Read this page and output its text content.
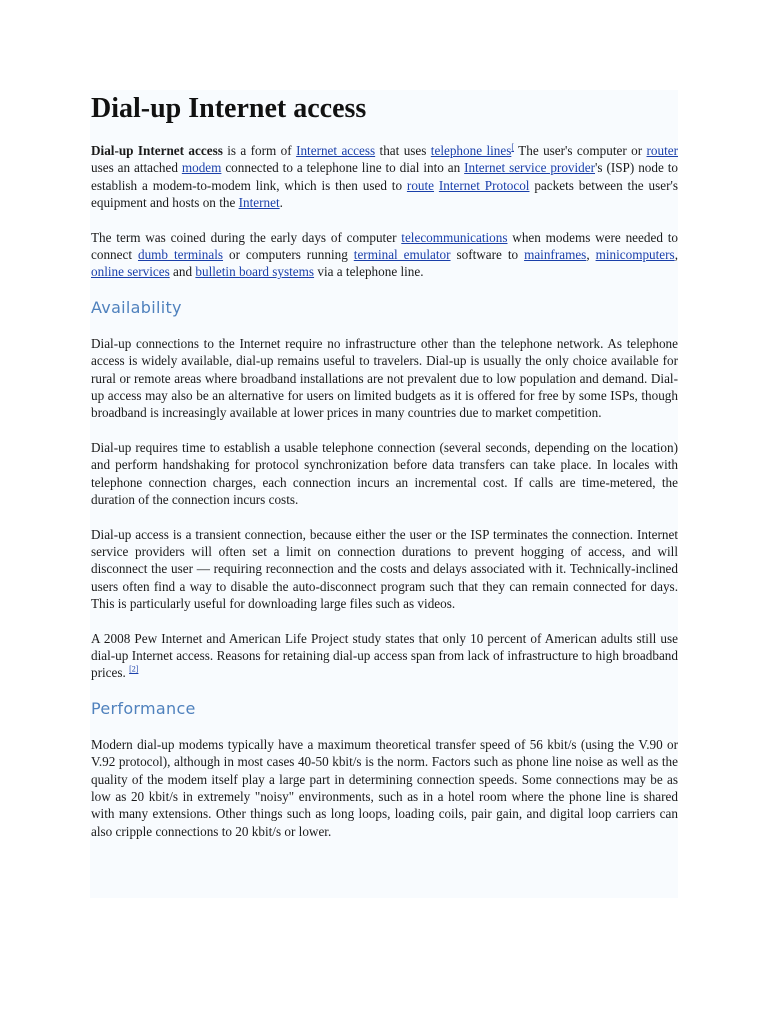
Dial-up Internet access

Dial-up Internet access is a form of Internet access that uses telephone lines[ The user's computer or router uses an attached modem connected to a telephone line to dial into an Internet service provider's (ISP) node to establish a modem-to-modem link, which is then used to route Internet Protocol packets between the user's equipment and hosts on the Internet.

The term was coined during the early days of computer telecommunications when modems were needed to connect dumb terminals or computers running terminal emulator software to mainframes, minicomputers, online services and bulletin board systems via a telephone line.

Availability

Dial-up connections to the Internet require no infrastructure other than the telephone network. As telephone access is widely available, dial-up remains useful to travelers. Dial-up is usually the only choice available for rural or remote areas where broadband installations are not prevalent due to low population and demand. Dial-up access may also be an alternative for users on limited budgets as it is offered for free by some ISPs, though broadband is increasingly available at lower prices in many countries due to market competition.

Dial-up requires time to establish a usable telephone connection (several seconds, depending on the location) and perform handshaking for protocol synchronization before data transfers can take place. In locales with telephone connection charges, each connection incurs an incremental cost. If calls are time-metered, the duration of the connection incurs costs.

Dial-up access is a transient connection, because either the user or the ISP terminates the connection. Internet service providers will often set a limit on connection durations to prevent hogging of access, and will disconnect the user — requiring reconnection and the costs and delays associated with it. Technically-inclined users often find a way to disable the auto-disconnect program such that they can remain connected for days. This is particularly useful for downloading large files such as videos.

A 2008 Pew Internet and American Life Project study states that only 10 percent of American adults still use dial-up Internet access. Reasons for retaining dial-up access span from lack of infrastructure to high broadband prices. [2]

Performance

Modern dial-up modems typically have a maximum theoretical transfer speed of 56 kbit/s (using the V.90 or V.92 protocol), although in most cases 40-50 kbit/s is the norm. Factors such as phone line noise as well as the quality of the modem itself play a large part in determining connection speeds. Some connections may be as low as 20 kbit/s in extremely "noisy" environments, such as in a hotel room where the phone line is shared with many extensions. Other things such as long loops, loading coils, pair gain, and digital loop carriers can also cripple connections to 20 kbit/s or lower.
